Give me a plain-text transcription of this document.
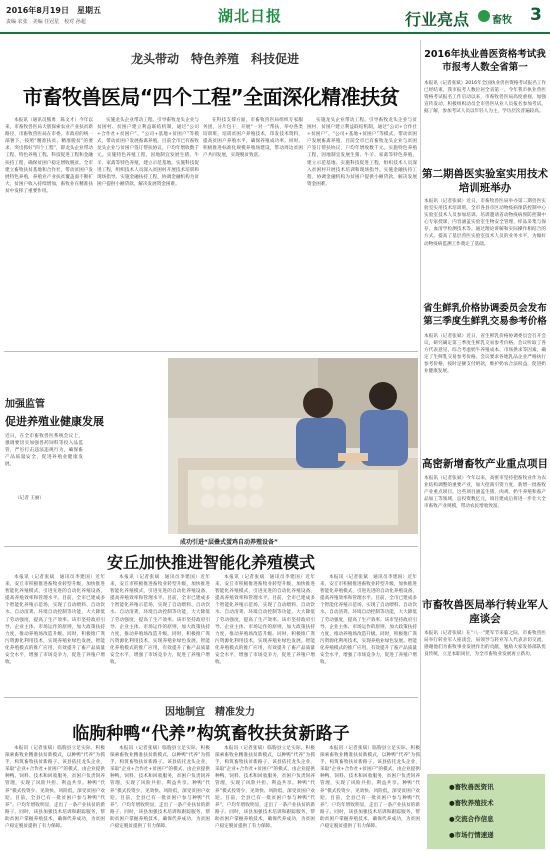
2016年8月19日　星期五
责编 农张　美编 任冠星　校对 孙超	湖北日报	行业亮点 畜牧 3
龙头带动　特色养殖　科技促进
市畜牧兽医局“四个工程”全面深化精准扶贫

本报讯（通讯员熊勇　陈文才）今年以来，市畜牧兽医局大胆探索农业产业扶贫新路径，市畜牧兽医局在市委、市政府的统一部署下，按照“精准扶贫、精准脱贫”的要求，突出抓好“四个工程”，即龙头企业带动工程、特色养殖工程、科技促进工程和金融扶持工程，确保贫困户稳定增收脱贫。全市建立畜牧扶贫基地和合作社，带动贫困户发展特色养殖，养殖业产业扶贫覆盖面不断扩大，贫困户收入持续增加，畜牧业在精准扶贫中发挥了重要作用。

实施龙头企业带动工程。引导畜牧龙头企业与贫困村、贫困户建立利益联结机制，通过“公司+合作社+贫困户”、“公司+基地+贫困户”等模式，带动贫困户发展畜禽养殖，目前全市已有畜牧龙头企业与贫困户签订帮扶协议，户均年增收数千元。实施特色养殖工程，因地制宜发展生猪、牛羊、家禽等特色养殖，建立示范基地。实施科技促进工程，组织技术人员深入贫困村开展技术培训和现场指导。实施金融扶持工程，协调金融机构为贫困户提供小额贷款，解决发展资金困难。

在科技支撑方面，市畜牧兽医局组织专家服务团，分片包干，开展“一对一”帮扶，举办各类培训班，培训贫困户养殖技术，印发技术资料，提高贫困户养殖水平，确保养殖成功率。同时，积极推进标准化规模养殖场建设，带动周边贫困户共同发展，实现脱贫致富。

实施龙头企业带动工程。引导畜牧龙头企业与贫困村、贫困户建立利益联结机制，通过“公司+合作社+贫困户”、“公司+基地+贫困户”等模式，带动贫困户发展畜禽养殖，目前全市已有畜牧龙头企业与贫困户签订帮扶协议，户均年增收数千元。实施特色养殖工程，因地制宜发展生猪、牛羊、家禽等特色养殖，建立示范基地。实施科技促进工程，组织技术人员深入贫困村开展技术培训和现场指导。实施金融扶持工程，协调金融机构为贫困户提供小额贷款，解决发展资金困难。

2016年执业兽医资格考试我市报考人数全省第一
本报讯（记者张斌）2016年全国执业兽医资格考试报名工作已经结束，我市报考人数位居全省第一。今年我市执业兽医资格考试报名工作启动以来，市畜牧兽医局高度重视，加强宣传发动，积极组织动员全市兽医从业人员报名参加考试。据了解，参加考试人员以年轻人为主，学历层次普遍较高。
第二期兽医实验室实用技术培训班举办
本报讯（记者张斌）近日，市畜牧兽医局举办第二期兽医实验室实用技术培训班，全市各县市区动物疫病预防控制中心实验室技术人员参加培训。培训邀请省动物疫病预防控制中心专家授课，内容涵盖实验室生物安全管理、样品采集与保存、血清学检测技术等。通过理论讲解和实际操作相结合的方式，提高了基层兽医实验室技术人员的业务水平，为做好动物疫病监测工作奠定了基础。
省生鲜乳价格协调委员会发布第三季度生鲜乳交易参考价格
本报讯（记者张斌）近日，省生鲜乳价格协调委员会召开会议，研究确定第三季度生鲜乳交易参考价格。会议听取了各方代表意见，综合考虑奶牛养殖成本、市场供求等因素，确定了生鲜乳交易参考价格。会议要求各地乳品企业严格执行参考价格，按时足额支付奶款，维护奶农合法权益，促进奶业健康发展。
高密新增畜牧产业重点项目
本报讯（记者张斌）今年以来，高密市坚持把畜牧业作为农业结构调整的重要产业，加大招商引资力度，新增一批畜牧产业重点项目。这些项目涵盖生猪、肉鸡、奶牛养殖和畜产品加工等领域，总投资数亿元，项目建成后将进一步壮大全市畜牧产业规模，带动农民增收致富。
市畜牧兽医局举行转业军人座谈会
本报讯（记者张斌）在“八一”建军节来临之际，市畜牧兽医局举行转业军人座谈会，局领导与转业军人代表亲切交流，感谢他们为畜牧事业发展作出的贡献，勉励大家发扬部队优良传统，立足本职岗位，为全市畜牧业发展再立新功。
加强监管
促进养殖业健康发展
近日，在全市畜牧兽医系统会议上，强调要切实加强兽药饲料等投入品监管，严厉打击违法违规行为，确保畜产品质量安全，促进养殖业健康发展。
（记者 王丽）
成功引进“层叠式蛋鸡自动养殖设备”
安丘加快推进智能化养殖模式

本报讯（记者张斌　通讯员李建国）近年来，安丘市积极推进畜牧业转型升级，加快推进智能化养殖模式，引进先进的自动化养殖设备，提高养殖效率和管理水平。目前，全市已建成多个智能化养殖示范场，实现了自动喂料、自动饮水、自动清粪、环境自动控制等功能，大大降低了劳动强度，提高了生产效率。该市坚持政府引导、企业主体、市场运作的原则，加大政策扶持力度，推动养殖场改造升级。同时，积极推广粪污资源化利用技术，实现养殖业绿色发展。智能化养殖模式的推广应用，有效提升了畜产品质量安全水平，增强了市场竞争力，促进了养殖户增收。

本报讯（记者张斌　通讯员李建国）近年来，安丘市积极推进畜牧业转型升级，加快推进智能化养殖模式，引进先进的自动化养殖设备，提高养殖效率和管理水平。目前，全市已建成多个智能化养殖示范场，实现了自动喂料、自动饮水、自动清粪、环境自动控制等功能，大大降低了劳动强度，提高了生产效率。该市坚持政府引导、企业主体、市场运作的原则，加大政策扶持力度，推动养殖场改造升级。同时，积极推广粪污资源化利用技术，实现养殖业绿色发展。智能化养殖模式的推广应用，有效提升了畜产品质量安全水平，增强了市场竞争力，促进了养殖户增收。

本报讯（记者张斌　通讯员李建国）近年来，安丘市积极推进畜牧业转型升级，加快推进智能化养殖模式，引进先进的自动化养殖设备，提高养殖效率和管理水平。目前，全市已建成多个智能化养殖示范场，实现了自动喂料、自动饮水、自动清粪、环境自动控制等功能，大大降低了劳动强度，提高了生产效率。该市坚持政府引导、企业主体、市场运作的原则，加大政策扶持力度，推动养殖场改造升级。同时，积极推广粪污资源化利用技术，实现养殖业绿色发展。智能化养殖模式的推广应用，有效提升了畜产品质量安全水平，增强了市场竞争力，促进了养殖户增收。

本报讯（记者张斌　通讯员李建国）近年来，安丘市积极推进畜牧业转型升级，加快推进智能化养殖模式，引进先进的自动化养殖设备，提高养殖效率和管理水平。目前，全市已建成多个智能化养殖示范场，实现了自动喂料、自动饮水、自动清粪、环境自动控制等功能，大大降低了劳动强度，提高了生产效率。该市坚持政府引导、企业主体、市场运作的原则，加大政策扶持力度，推动养殖场改造升级。同时，积极推广粪污资源化利用技术，实现养殖业绿色发展。智能化养殖模式的推广应用，有效提升了畜产品质量安全水平，增强了市场竞争力，促进了养殖户增收。

因地制宜　精准发力
临朐种鸭“代养”构筑畜牧扶贫新路子

本报讯（记者张斌）临朐县立足实际，积极探索畜牧业精准扶贫新模式，以种鸭“代养”为抓手，构筑畜牧扶贫新路子。该县依托龙头企业，采取“企业+合作社+贫困户”的模式，由企业提供种鸭、饲料、技术和回收服务，贫困户负责饲养管理，实现了风险共担、利益共享。种鸭“代养”模式投资少、见效快、风险低，深受贫困户欢迎。目前，全县已有一批贫困户参与种鸭“代养”，户均年增收明显，走出了一条产业扶贫的新路子。同时，该县加强技术培训和跟踪服务，帮助贫困户掌握养殖技术，确保代养成功，为贫困户稳定脱贫提供了有力保障。

本报讯（记者张斌）临朐县立足实际，积极探索畜牧业精准扶贫新模式，以种鸭“代养”为抓手，构筑畜牧扶贫新路子。该县依托龙头企业，采取“企业+合作社+贫困户”的模式，由企业提供种鸭、饲料、技术和回收服务，贫困户负责饲养管理，实现了风险共担、利益共享。种鸭“代养”模式投资少、见效快、风险低，深受贫困户欢迎。目前，全县已有一批贫困户参与种鸭“代养”，户均年增收明显，走出了一条产业扶贫的新路子。同时，该县加强技术培训和跟踪服务，帮助贫困户掌握养殖技术，确保代养成功，为贫困户稳定脱贫提供了有力保障。

本报讯（记者张斌）临朐县立足实际，积极探索畜牧业精准扶贫新模式，以种鸭“代养”为抓手，构筑畜牧扶贫新路子。该县依托龙头企业，采取“企业+合作社+贫困户”的模式，由企业提供种鸭、饲料、技术和回收服务，贫困户负责饲养管理，实现了风险共担、利益共享。种鸭“代养”模式投资少、见效快、风险低，深受贫困户欢迎。目前，全县已有一批贫困户参与种鸭“代养”，户均年增收明显，走出了一条产业扶贫的新路子。同时，该县加强技术培训和跟踪服务，帮助贫困户掌握养殖技术，确保代养成功，为贫困户稳定脱贫提供了有力保障。

本报讯（记者张斌）临朐县立足实际，积极探索畜牧业精准扶贫新模式，以种鸭“代养”为抓手，构筑畜牧扶贫新路子。该县依托龙头企业，采取“企业+合作社+贫困户”的模式，由企业提供种鸭、饲料、技术和回收服务，贫困户负责饲养管理，实现了风险共担、利益共享。种鸭“代养”模式投资少、见效快、风险低，深受贫困户欢迎。目前，全县已有一批贫困户参与种鸭“代养”，户均年增收明显，走出了一条产业扶贫的新路子。同时，该县加强技术培训和跟踪服务，帮助贫困户掌握养殖技术，确保代养成功，为贫困户稳定脱贫提供了有力保障。

●畜牧兽医资讯
●畜牧养殖技术
●交流合作信息
●市场行情速递
